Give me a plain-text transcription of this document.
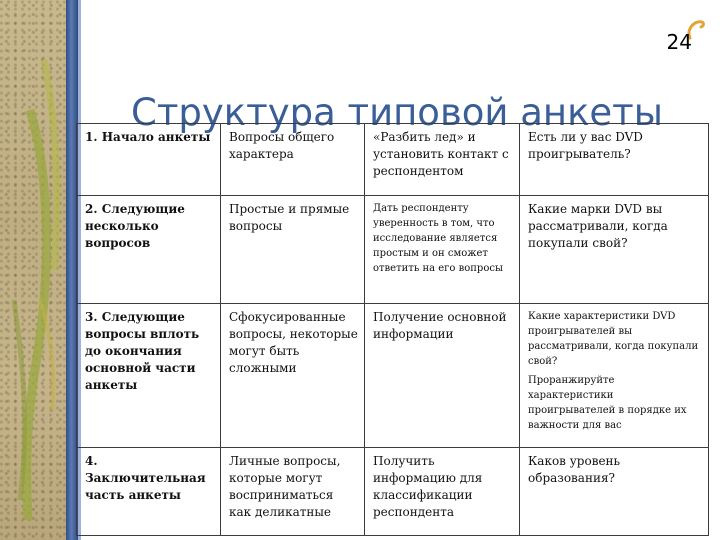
24
Структура типовой анкеты
1. Начало анкеты	Вопросы общего характера	«Разбить лед» и установить контакт с респондентом	Есть ли у вас DVD проигрыватель?
2. Следующие несколько вопросов	Простые и прямые вопросы	Дать респонденту уверенность в том, что исследование является простым и он сможет ответить на его вопросы	Какие марки DVD вы рассматривали, когда покупали свой?
3. Следующие вопросы вплоть до окончания основной части анкеты	Сфокусированные вопросы, некоторые могут быть сложными	Получение основной информации	Какие характеристики DVD проигрывателей вы рассматривали, когда покупали свой?
Проранжируйте характеристики проигрывателей в порядке их важности для вас
4. Заключительная часть анкеты	Личные вопросы, которые могут восприниматься как деликатные	Получить информацию для классификации респондента	Каков уровень образования?
